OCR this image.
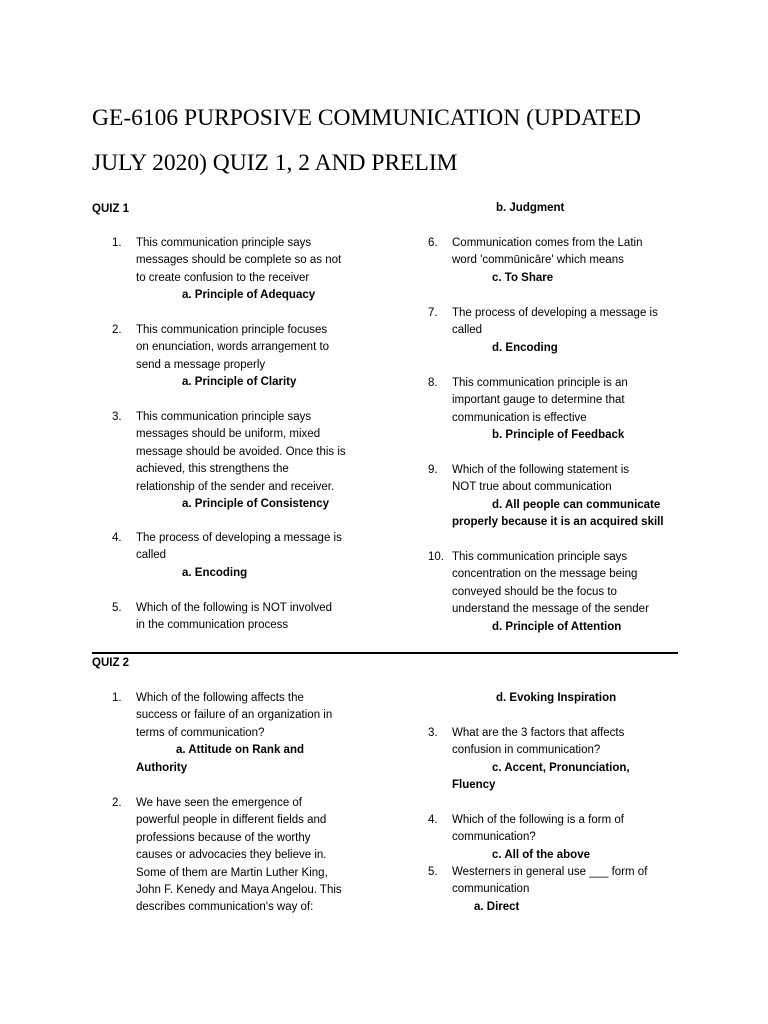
GE-6106 PURPOSIVE COMMUNICATION (UPDATED
JULY 2020) QUIZ 1, 2 AND PRELIM
QUIZ 1	b. Judgment
1.	This communication principle says
messages should be complete so as not
to create confusion to the receiver
a. Principle of Adequacy
2.	This communication principle focuses
on enunciation, words arrangement to
send a message properly
a. Principle of Clarity
3.	This communication principle says
messages should be uniform, mixed
message should be avoided. Once this is
achieved, this strengthens the
relationship of the sender and receiver.
a. Principle of Consistency
4.	The process of developing a message is
called
a. Encoding
5.	Which of the following is NOT involved
in the communication process
6.	Communication comes from the Latin
word 'commūnicāre' which means
c. To Share
7.	The process of developing a message is
called
d. Encoding
8.	This communication principle is an
important gauge to determine that
communication is effective
b. Principle of Feedback
9.	Which of the following statement is
NOT true about communication
d. All people can communicate
properly because it is an acquired skill
10. This communication principle says
concentration on the message being
conveyed should be the focus to
understand the message of the sender
d. Principle of Attention
QUIZ 2
d. Evoking Inspiration
1.	Which of the following affects the
success or failure of an organization in
terms of communication?
a. Attitude on Rank and
Authority
2.	We have seen the emergence of
powerful people in different fields and
professions because of the worthy
causes or advocacies they believe in.
Some of them are Martin Luther King,
John F. Kenedy and Maya Angelou. This
describes communication's way of:
3.	What are the 3 factors that affects
confusion in communication?
c. Accent, Pronunciation,
Fluency
4.	Which of the following is a form of
communication?
c. All of the above
5.	Westerners in general use ___ form of
communication
a. Direct
